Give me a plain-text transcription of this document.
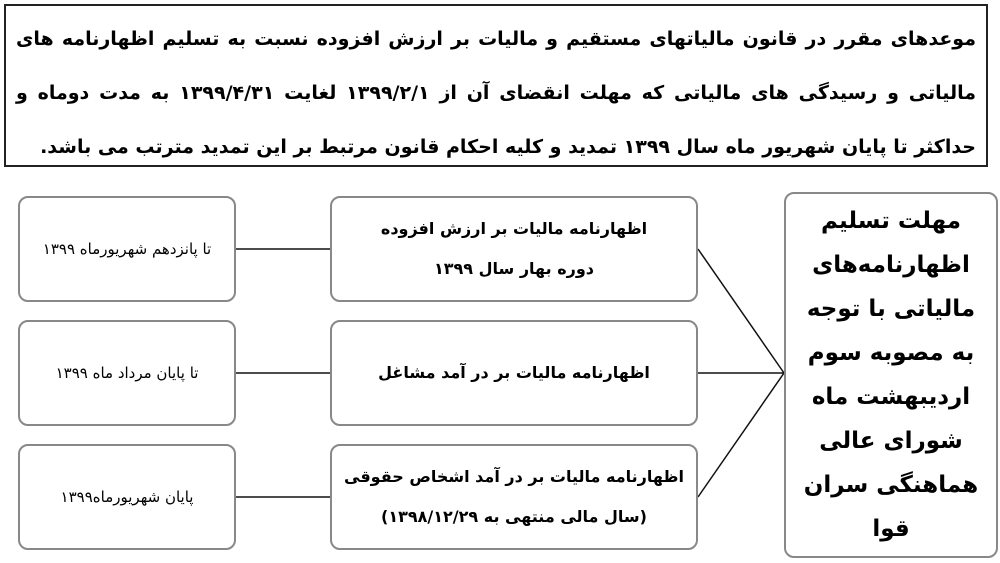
موعدهای مقرر در قانون مالیاتهای مستقیم و مالیات بر ارزش افزوده نسبت به تسلیم اظهارنامه های مالیاتی و رسیدگی های مالیاتی که مهلت انقضای آن از ۱۳۹۹/۲/۱ لغایت ۱۳۹۹/۴/۳۱ به مدت دوماه و حداکثر تا پایان شهریور ماه سال ۱۳۹۹ تمدید و کلیه احکام قانون مرتبط بر این تمدید مترتب می باشد.
مهلت تسلیم اظهارنامه‌های مالیاتی با توجه به مصوبه سوم اردیبهشت ماه شورای عالی هماهنگی سران قوا
اظهارنامه مالیات بر ارزش افزوده
دوره بهار سال ۱۳۹۹
اظهارنامه مالیات بر در آمد مشاغل
اظهارنامه مالیات بر در آمد اشخاص حقوقی
(سال مالی منتهی به ۱۳۹۸/۱۲/۲۹)
تا پانزدهم شهریورماه ۱۳۹۹
تا پایان مرداد ماه ۱۳۹۹
پایان شهریورماه۱۳۹۹
